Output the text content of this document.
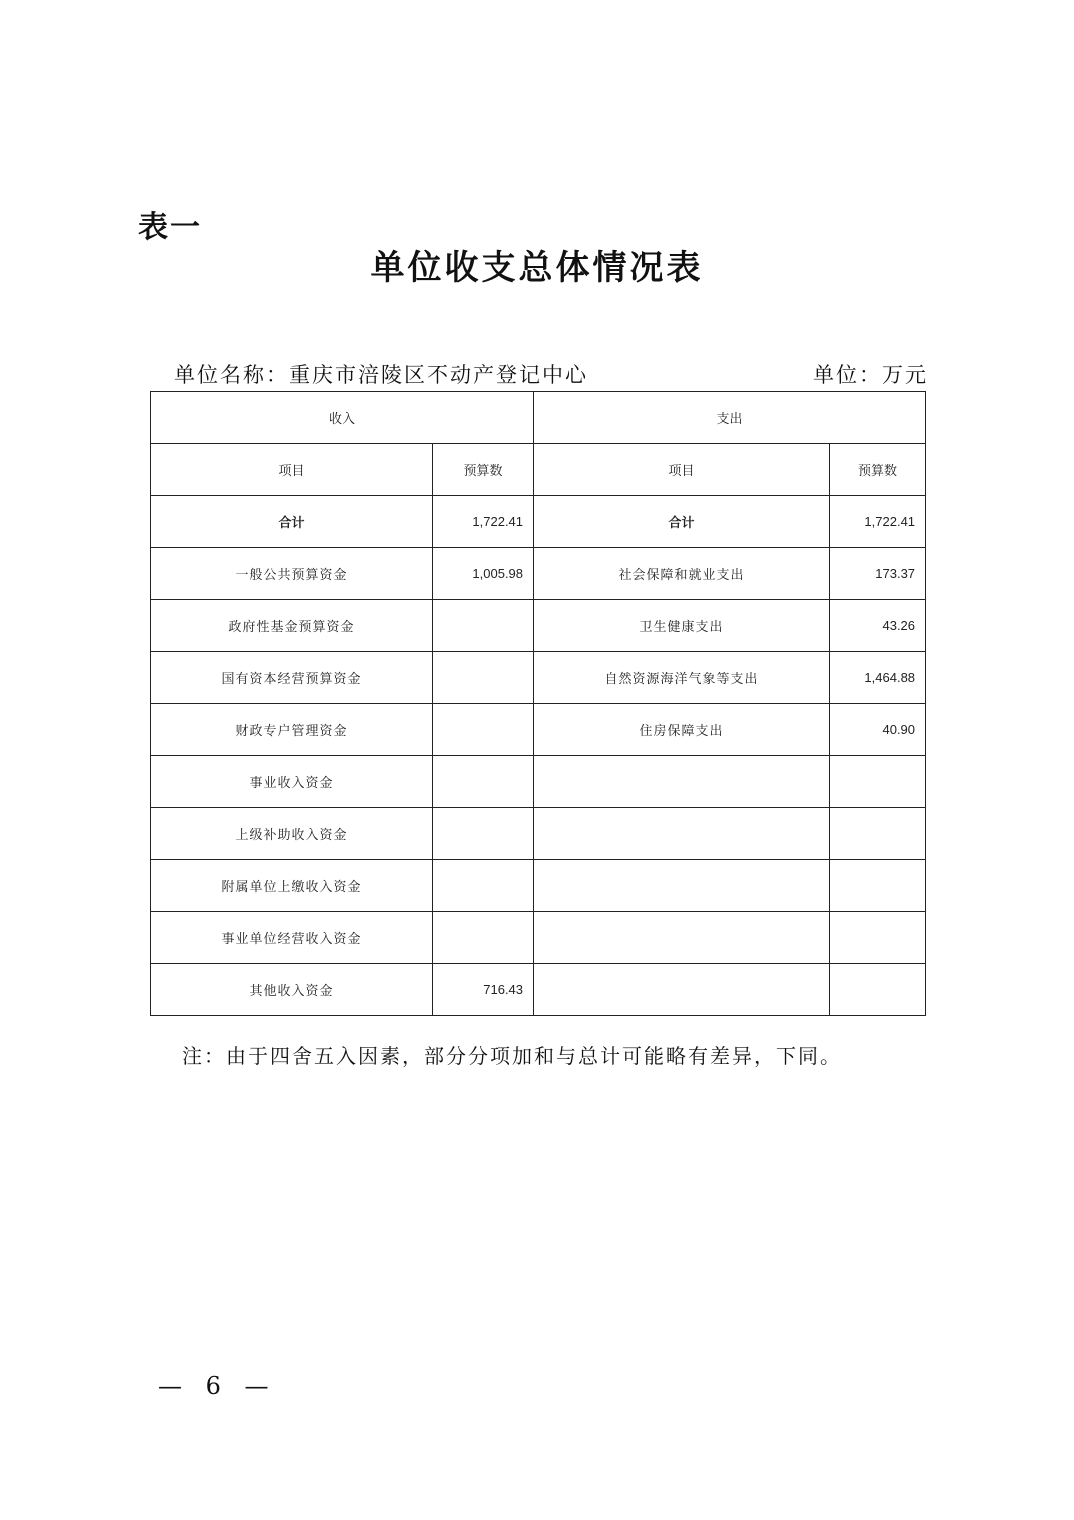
表一
单位收支总体情况表
单位名称：重庆市涪陵区不动产登记中心	单位：万元
收入		支出	
项目	预算数	项目	预算数
合计	1,722.41	合计	1,722.41
一般公共预算资金	1,005.98	社会保障和就业支出	173.37
政府性基金预算资金		卫生健康支出	43.26
国有资本经营预算资金		自然资源海洋气象等支出	1,464.88
财政专户管理资金		住房保障支出	40.90
事业收入资金			
上级补助收入资金			
附属单位上缴收入资金			
事业单位经营收入资金			
其他收入资金	716.43		
注：由于四舍五入因素，部分分项加和与总计可能略有差异，下同。
— 6 —
